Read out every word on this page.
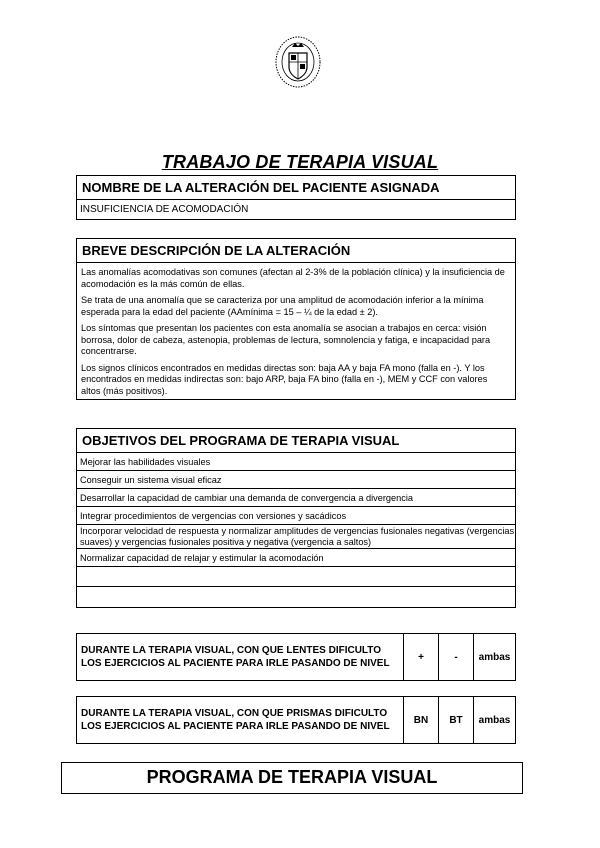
TRABAJO DE TERAPIA VISUAL
NOMBRE DE LA ALTERACIÓN DEL PACIENTE ASIGNADA
INSUFICIENCIA DE ACOMODACIÓN
BREVE DESCRIPCIÓN DE LA ALTERACIÓN

Las anomalías acomodativas son comunes (afectan al 2-3% de la población clínica) y la insuficiencia de acomodación es la más común de ellas.

Se trata de una anomalía que se caracteriza por una amplitud de acomodación inferior a la mínima esperada para la edad del paciente (AAmínima = 15 – ¼ de la edad ± 2).

Los síntomas que presentan los pacientes con esta anomalía se asocian a trabajos en cerca: visión borrosa, dolor de cabeza, astenopia, problemas de lectura, somnolencia y fatiga, e incapacidad para concentrarse.

Los signos clínicos encontrados en medidas directas son: baja AA y baja FA mono (falla en -). Y los encontrados en medidas indirectas son: bajo ARP, baja FA bino (falla en -), MEM y CCF con valores altos (más positivos).

OBJETIVOS DEL PROGRAMA DE TERAPIA VISUAL
Mejorar las habilidades visuales
Conseguir un sistema visual eficaz
Desarrollar la capacidad de cambiar una demanda de convergencia a divergencia
Integrar procedimientos de vergencias con versiones y sacádicos
Incorporar velocidad de respuesta y normalizar amplitudes de vergencias fusionales negativas (vergencias suaves) y vergencias fusionales positiva y negativa (vergencia a saltos)
Normalizar capacidad de relajar y estimular la acomodación
DURANTE LA TERAPIA VISUAL, CON QUE LENTES DIFICULTO LOS EJERCICIOS AL PACIENTE PARA IRLE PASANDO DE NIVEL	+	-	ambas
DURANTE LA TERAPIA VISUAL, CON QUE PRISMAS DIFICULTO LOS EJERCICIOS AL PACIENTE PARA IRLE PASANDO DE NIVEL	BN	BT	ambas
PROGRAMA DE TERAPIA VISUAL
